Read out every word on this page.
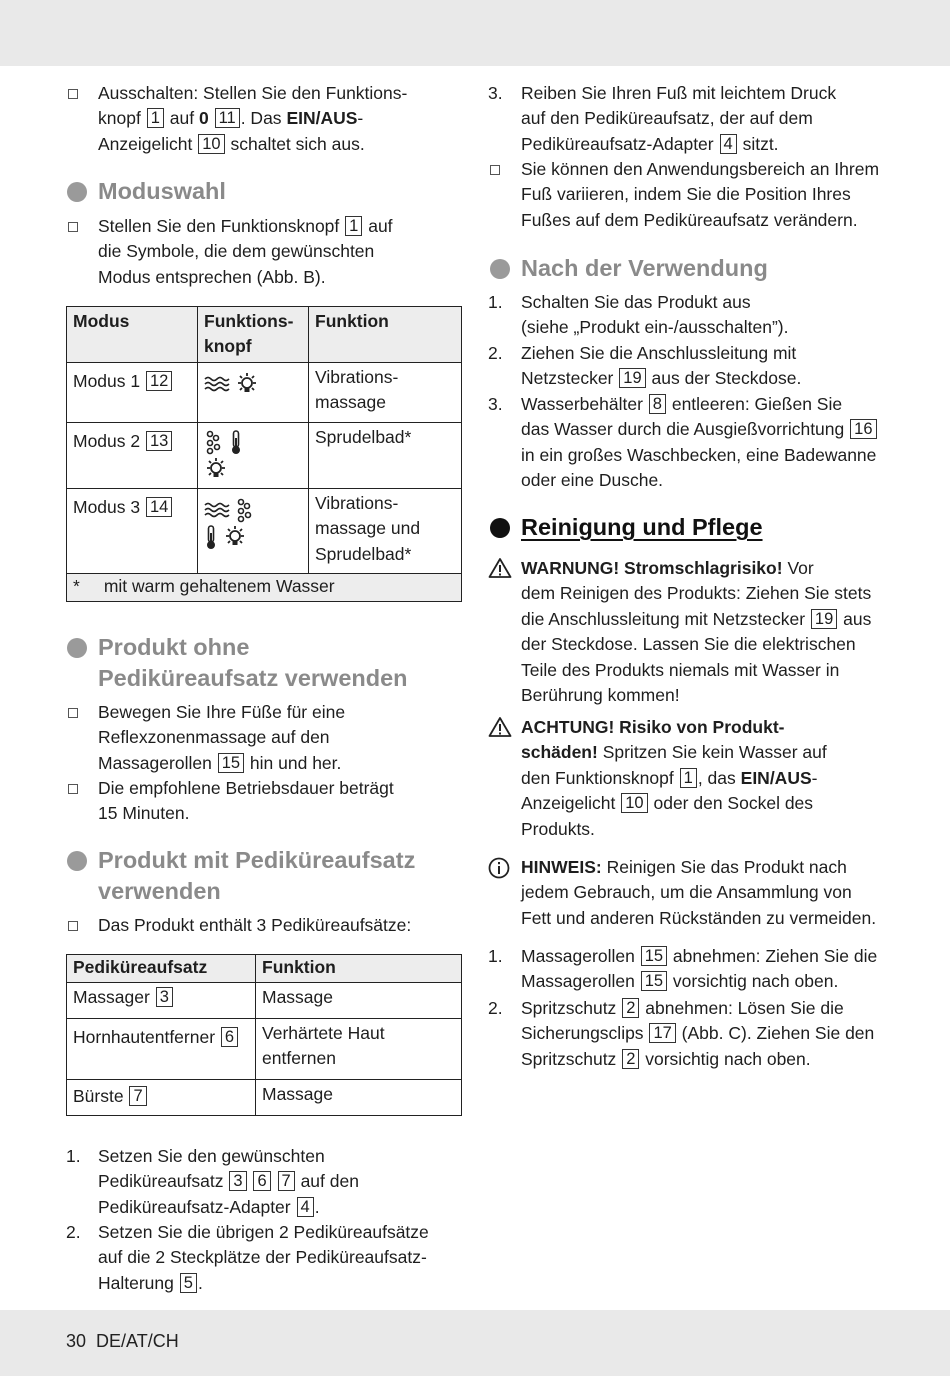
Ausschalten: Stellen Sie den Funktions-
knopf 1 auf 0 11 . Das EIN/AUS-
Anzeigelicht 10 schaltet sich aus.
Moduswahl
Stellen Sie den Funktionsknopf 1 auf
die Symbole, die dem gewünschten
Modus entsprechen (Abb. B).
Modus	Funktions-
knopf	Funktion
Modus 1 12		Vibrations-
massage
Modus 2 13		Sprudelbad*
Modus 3 14		Vibrations-
massage und
Sprudelbad*
* mit warm gehaltenem Wasser		
Produkt ohne
Pediküreaufsatz verwenden
Bewegen Sie Ihre Füße für eine
Reflexzonenmassage auf den
Massagerollen 15 hin und her.
Die empfohlene Betriebsdauer beträgt
15 Minuten.
Produkt mit Pediküreaufsatz
verwenden
Das Produkt enthält 3 Pediküreaufsätze:
Pediküreaufsatz	Funktion
Massager 3	Massage
Hornhautentferner 6	Verhärtete Haut
entfernen
Bürste 7	Massage
1. Setzen Sie den gewünschten
Pediküreaufsatz 3 6 7 auf den
Pediküreaufsatz-Adapter 4 .
2. Setzen Sie die übrigen 2 Pediküreaufsätze
auf die 2 Steckplätze der Pediküreaufsatz-
Halterung 5 .
3.	Reiben Sie Ihren Fuß mit leichtem Druck
auf den Pediküreaufsatz, der auf dem
Pediküreaufsatz-Adapter 4 sitzt.
Sie können den Anwendungsbereich an Ihrem
Fuß variieren, indem Sie die Position Ihres
Fußes auf dem Pediküreaufsatz verändern.
Nach der Verwendung
1.	Schalten Sie das Produkt aus
(siehe „Produkt ein-/ausschalten”).
2.	Ziehen Sie die Anschlussleitung mit
Netzstecker 19 aus der Steckdose.
3.	Wasserbehälter 8 entleeren: Gießen Sie
das Wasser durch die Ausgießvorrichtung 16
in ein großes Waschbecken, eine Badewanne
oder eine Dusche.
Reinigung und Pflege
WARNUNG! Stromschlagrisiko! Vor
dem Reinigen des Produkts: Ziehen Sie stets
die Anschlussleitung mit Netzstecker 19 aus
der Steckdose. Lassen Sie die elektrischen
Teile des Produkts niemals mit Wasser in
Berührung kommen!
ACHTUNG! Risiko von Produkt-
schäden! Spritzen Sie kein Wasser auf
den Funktionsknopf 1 , das EIN/AUS-
Anzeigelicht 10 oder den Sockel des
Produkts.
HINWEIS: Reinigen Sie das Produkt nach
jedem Gebrauch, um die Ansammlung von
Fett und anderen Rückständen zu vermeiden.
1.	Massagerollen 15 abnehmen: Ziehen Sie die
Massagerollen 15 vorsichtig nach oben.
2.	Spritzschutz 2 abnehmen: Lösen Sie die
Sicherungsclips 17 (Abb. C). Ziehen Sie den
Spritzschutz 2 vorsichtig nach oben.
30 DE/AT/CH
